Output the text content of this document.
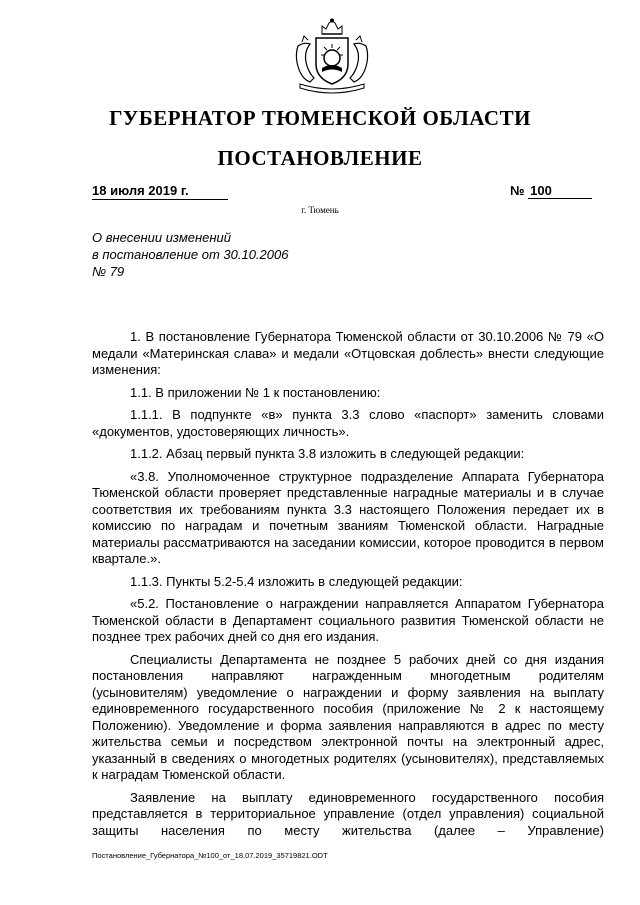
ГУБЕРНАТОР ТЮМЕНСКОЙ ОБЛАСТИ
ПОСТАНОВЛЕНИЕ
18 июля 2019 г.	№ 100
г. Тюмень
О внесении изменений
в постановление от 30.10.2006
№ 79

1. В постановление Губернатора Тюменской области от 30.10.2006 № 79 «О медали «Материнская слава» и медали «Отцовская доблесть» внести следующие изменения:

1.1. В приложении № 1 к постановлению:

1.1.1. В подпункте «в» пункта 3.3 слово «паспорт» заменить словами «документов, удостоверяющих личность».

1.1.2. Абзац первый пункта 3.8 изложить в следующей редакции:

«3.8. Уполномоченное структурное подразделение Аппарата Губернатора Тюменской области проверяет представленные наградные материалы и в случае соответствия их требованиям пункта 3.3 настоящего Положения передает их в комиссию по наградам и почетным званиям Тюменской области. Наградные материалы рассматриваются на заседании комиссии, которое проводится в первом квартале.».

1.1.3. Пункты 5.2-5.4 изложить в следующей редакции:

«5.2. Постановление о награждении направляется Аппаратом Губернатора Тюменской области в Департамент социального развития Тюменской области не позднее трех рабочих дней со дня его издания.

Специалисты Департамента не позднее 5 рабочих дней со дня издания постановления направляют награжденным многодетным родителям (усыновителям) уведомление о награждении и форму заявления на выплату единовременного государственного пособия (приложение № 2 к настоящему Положению). Уведомление и форма заявления направляются в адрес по месту жительства семьи и посредством электронной почты на электронный адрес, указанный в сведениях о многодетных родителях (усыновителях), представляемых к наградам Тюменской области.

Заявление на выплату единовременного государственного пособия представляется в территориальное управление (отдел управления) социальной защиты населения по месту жительства (далее – Управление)

Постановление_Губернатора_№100_от_18.07.2019_35719821.ODT
